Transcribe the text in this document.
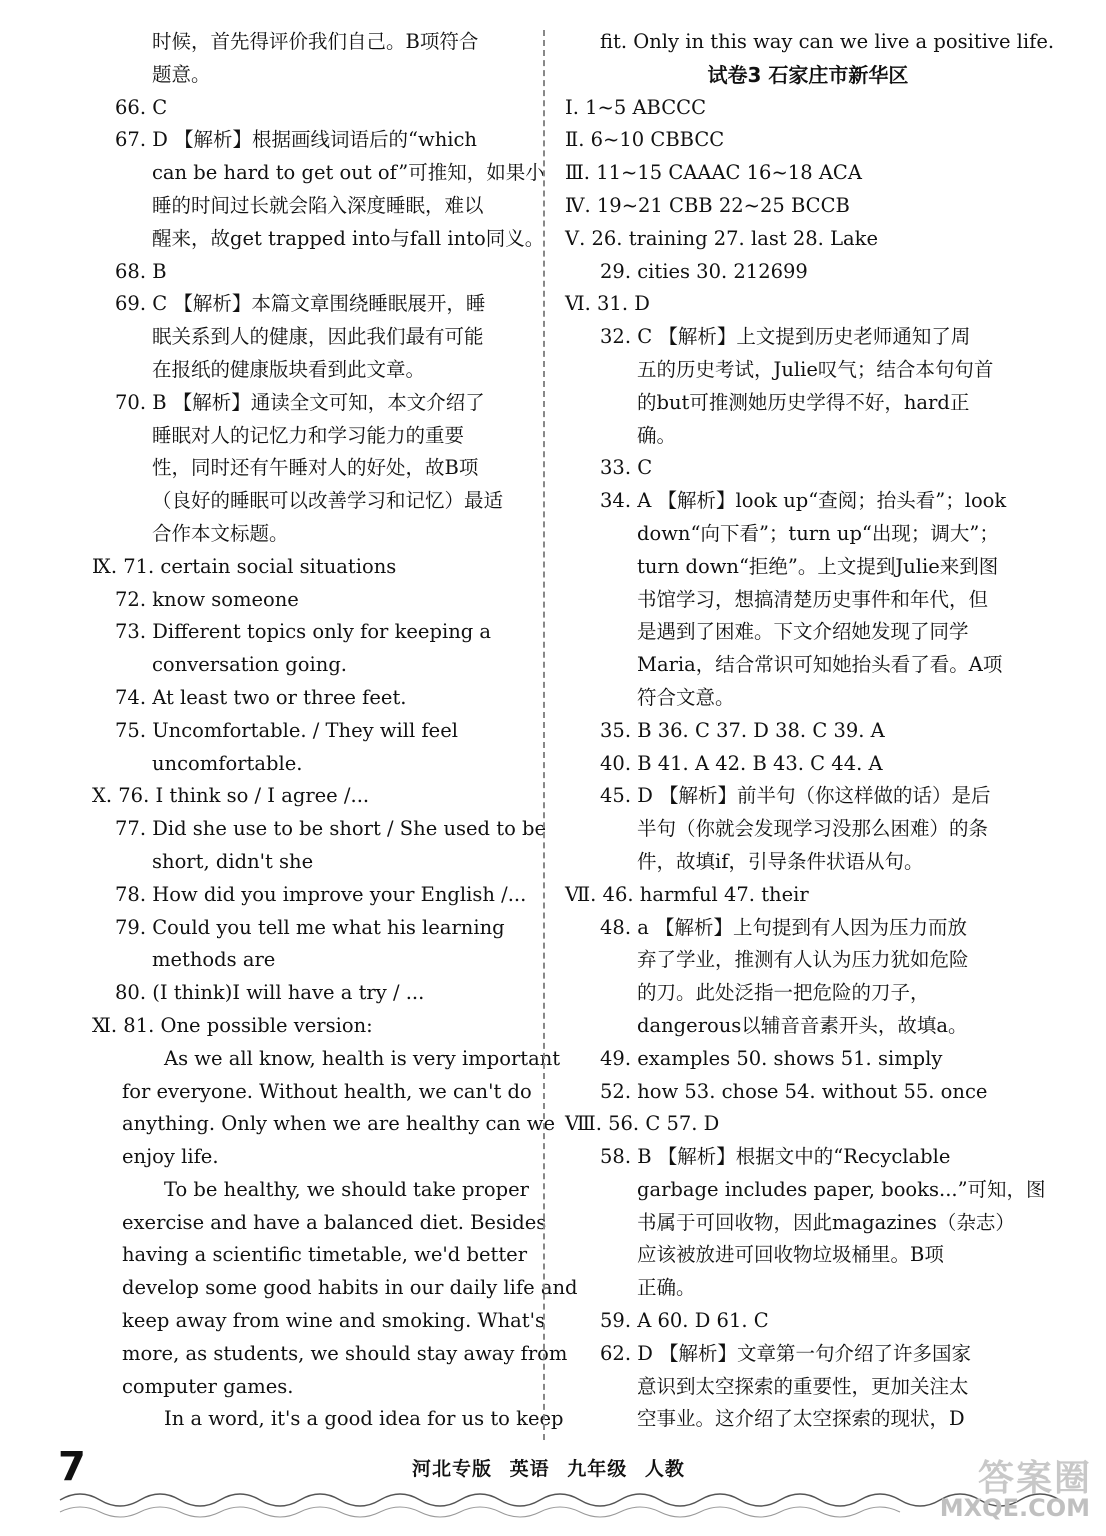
时候，首先得评价我们自己。B项符合
题意。
66. C
67. D 【解析】根据画线词语后的“which
can be hard to get out of”可推知，如果小
睡的时间过长就会陷入深度睡眠，难以
醒来，故get trapped into与fall into同义。
68. B
69. C 【解析】本篇文章围绕睡眠展开，睡
眠关系到人的健康，因此我们最有可能
在报纸的健康版块看到此文章。
70. B 【解析】通读全文可知，本文介绍了
睡眠对人的记忆力和学习能力的重要
性，同时还有午睡对人的好处，故B项
（良好的睡眠可以改善学习和记忆）最适
合作本文标题。
Ⅸ. 71. certain social situations
72. know someone
73. Different topics only for keeping a
conversation going.
74. At least two or three feet.
75. Uncomfortable. / They will feel
uncomfortable.
Ⅹ. 76. I think so / I agree /...
77. Did she use to be short / She used to be
short, didn't she
78. How did you improve your English /...
79. Could you tell me what his learning
methods are
80. (I think)I will have a try / ...
Ⅺ. 81. One possible version:
As we all know, health is very important
for everyone. Without health, we can't do
anything. Only when we are healthy can we
enjoy life.
To be healthy, we should take proper
exercise and have a balanced diet. Besides
having a scientific timetable, we'd better
develop some good habits in our daily life and
keep away from wine and smoking. What's
more, as students, we should stay away from
computer games.
In a word, it's a good idea for us to keep
fit. Only in this way can we live a positive life.
试卷3 石家庄市新华区
Ⅰ. 1~5 ABCCC
Ⅱ. 6~10 CBBCC
Ⅲ. 11~15 CAAAC 16~18 ACA
Ⅳ. 19~21 CBB 22~25 BCCB
Ⅴ. 26. training 27. last 28. Lake
29. cities 30. 212699
Ⅵ. 31. D
32. C 【解析】上文提到历史老师通知了周
五的历史考试，Julie叹气；结合本句句首
的but可推测她历史学得不好，hard正
确。
33. C
34. A 【解析】look up“查阅；抬头看”；look
down“向下看”；turn up“出现；调大”；
turn down“拒绝”。上文提到Julie来到图
书馆学习，想搞清楚历史事件和年代，但
是遇到了困难。下文介绍她发现了同学
Maria，结合常识可知她抬头看了看。A项
符合文意。
35. B 36. C 37. D 38. C 39. A
40. B 41. A 42. B 43. C 44. A
45. D 【解析】前半句（你这样做的话）是后
半句（你就会发现学习没那么困难）的条
件，故填if，引导条件状语从句。
Ⅶ. 46. harmful 47. their
48. a 【解析】上句提到有人因为压力而放
弃了学业，推测有人认为压力犹如危险
的刀。此处泛指一把危险的刀子，
dangerous以辅音音素开头，故填a。
49. examples 50. shows 51. simply
52. how 53. chose 54. without 55. once
Ⅷ. 56. C 57. D
58. B 【解析】根据文中的“Recyclable
garbage includes paper, books...”可知，图
书属于可回收物，因此magazines（杂志）
应该被放进可回收物垃圾桶里。B项
正确。
59. A 60. D 61. C
62. D 【解析】文章第一句介绍了许多国家
意识到太空探索的重要性，更加关注太
空事业。这介绍了太空探索的现状，D
7	河北专版 英语 九年级 人教	答案圈
MXQE.COM
